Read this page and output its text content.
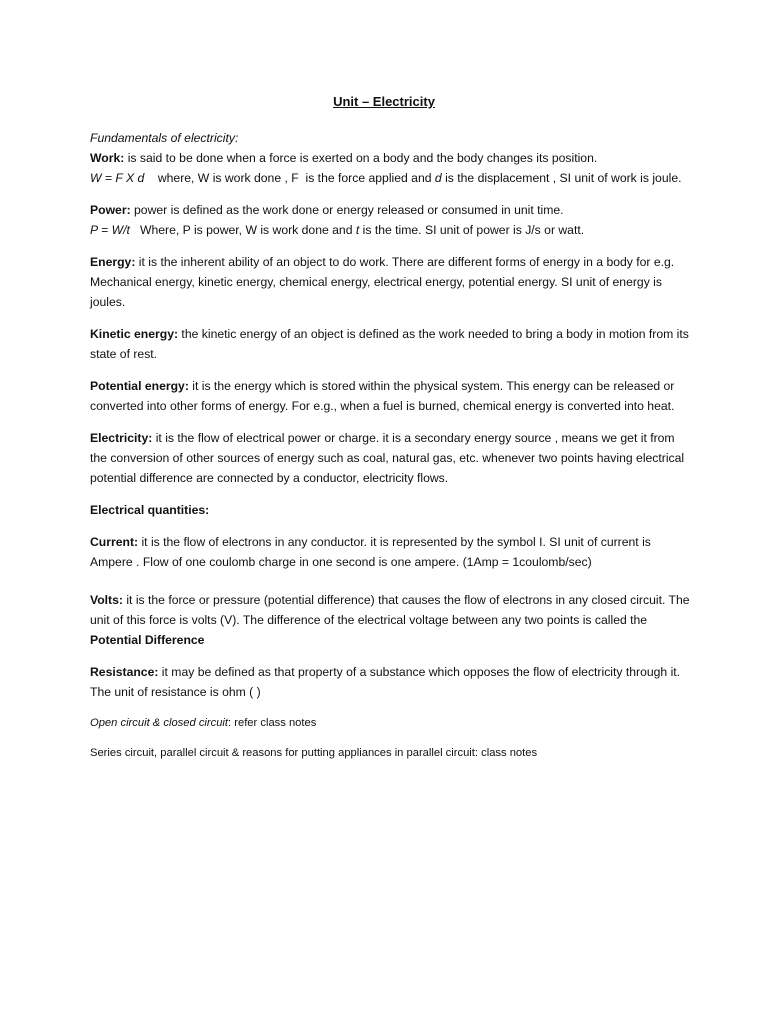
Unit – Electricity
Fundamentals of electricity:
Work: is said to be done when a force is exerted on a body and the body changes its position.
W = F X d    where, W is work done , F  is the force applied and d is the displacement , SI unit of work is joule.
Power: power is defined as the work done or energy released or consumed in unit time.
P = W/t   Where, P is power, W is work done and t is the time. SI unit of power is J/s or watt.
Energy: it is the inherent ability of an object to do work. There are different forms of energy in a body for e.g. Mechanical energy, kinetic energy, chemical energy, electrical energy, potential energy. SI unit of energy is joules.
Kinetic energy: the kinetic energy of an object is defined as the work needed to bring a body in motion from its state of rest.
Potential energy: it is the energy which is stored within the physical system. This energy can be released or converted into other forms of energy. For e.g., when a fuel is burned, chemical energy is converted into heat.
Electricity: it is the flow of electrical power or charge. it is a secondary energy source , means we get it from the conversion of other sources of energy such as coal, natural gas, etc. whenever two points having electrical potential difference are connected by a conductor, electricity flows.
Electrical quantities:
Current: it is the flow of electrons in any conductor. it is represented by the symbol I. SI unit of current is Ampere . Flow of one coulomb charge in one second is one ampere. (1Amp = 1coulomb/sec)
Volts: it is the force or pressure (potential difference) that causes the flow of electrons in any closed circuit. The unit of this force is volts (V). The difference of the electrical voltage between any two points is called the Potential Difference
Resistance: it may be defined as that property of a substance which opposes the flow of electricity through it. The unit of resistance is ohm ( )
Open circuit & closed circuit: refer class notes
Series circuit, parallel circuit & reasons for putting appliances in parallel circuit: class notes
